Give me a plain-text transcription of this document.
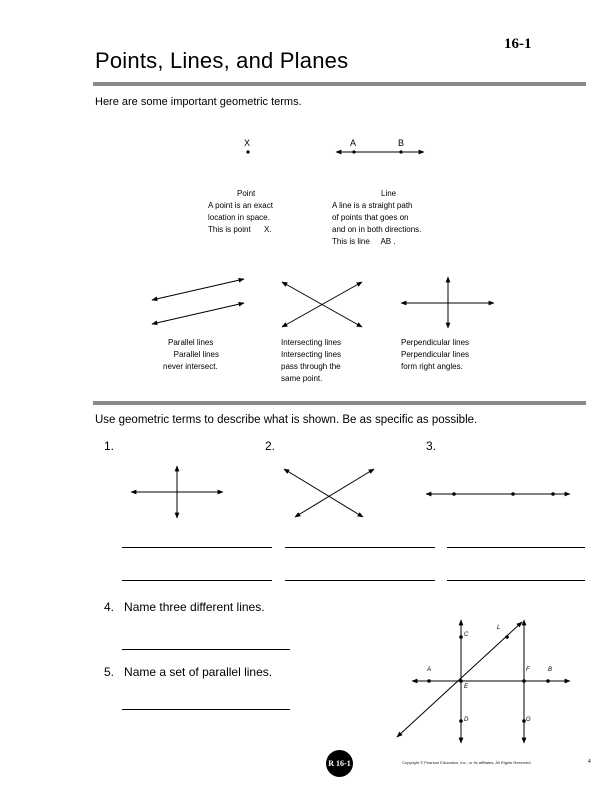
16-1
Points, Lines, and Planes
Here are some important geometric terms.
X	A	B
Point
A point is an exact
location in space.
This is point      X.
Line
A line is a straight path
of points that goes on
and on in both directions.
This is line     AB .
Parallel lines
Parallel lines
never intersect.
Intersecting lines
Intersecting lines
pass through the
same point.
Perpendicular lines
Perpendicular lines
form right angles.
Use geometric terms to describe what is shown. Be as specific as possible.
1.	2.	3.
4. Name three different lines.
5. Name a set of parallel lines.
C
L
A	F	B
E
D	G
R 16‐1	Copyright © Pearson Education, Inc., or its affiliates. All Rights Reserved.	4
